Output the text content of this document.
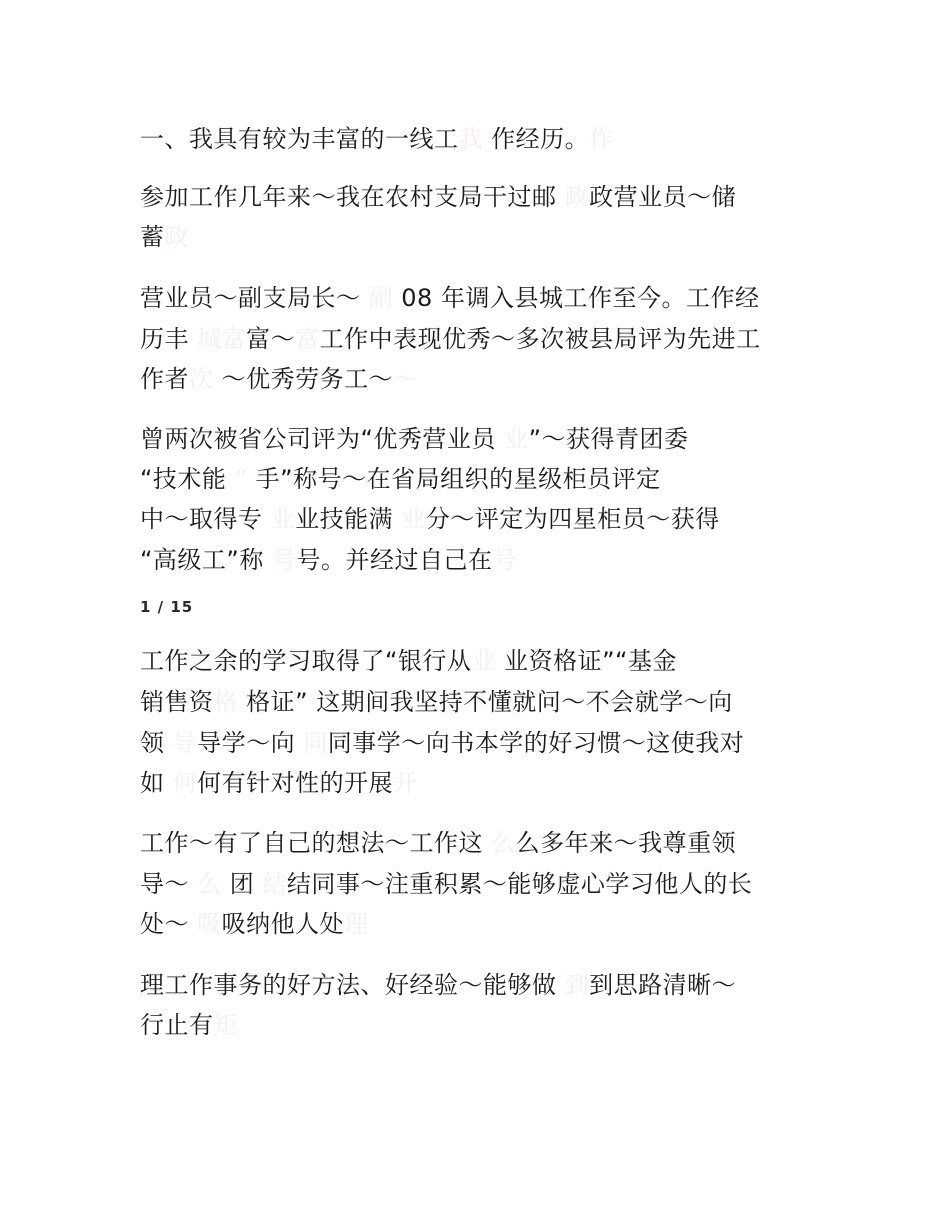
一、我具有较为丰富的一线工我 作经历。作

参加工作几年来～我在农村支局干过邮 政政营业员～储

蓄政

营业员～副支局长～ 副 08 年调入县城工作至今。工作经

历丰 城富富～富工作中表现优秀～多次被县局评为先进工

作者次 ～优秀劳务工～～

曾两次被省公司评为“优秀营业员 业”～获得青团委

“技术能 ” 手”称号～在省局组织的星级柜员评定

中～取得专 业业技能满 业分～评定为四星柜员～获得

“高级工”称 号号。并经过自己在号

1 / 15

工作之余的学习取得了“银行从业 业资格证”“基金

销售资格 格证” 这期间我坚持不懂就问～不会就学～向

领 导导学～向 同同事学～向书本学的好习惯～这使我对

如 何何有针对性的开展开

工作～有了自己的想法～工作这 么么多年来～我尊重领

导～ 么 团 结结同事～注重积累～能够虚心学习他人的长

处～ 吸吸纳他人处理

理工作事务的好方法、好经验～能够做 到到思路清晰～

行止有矩
